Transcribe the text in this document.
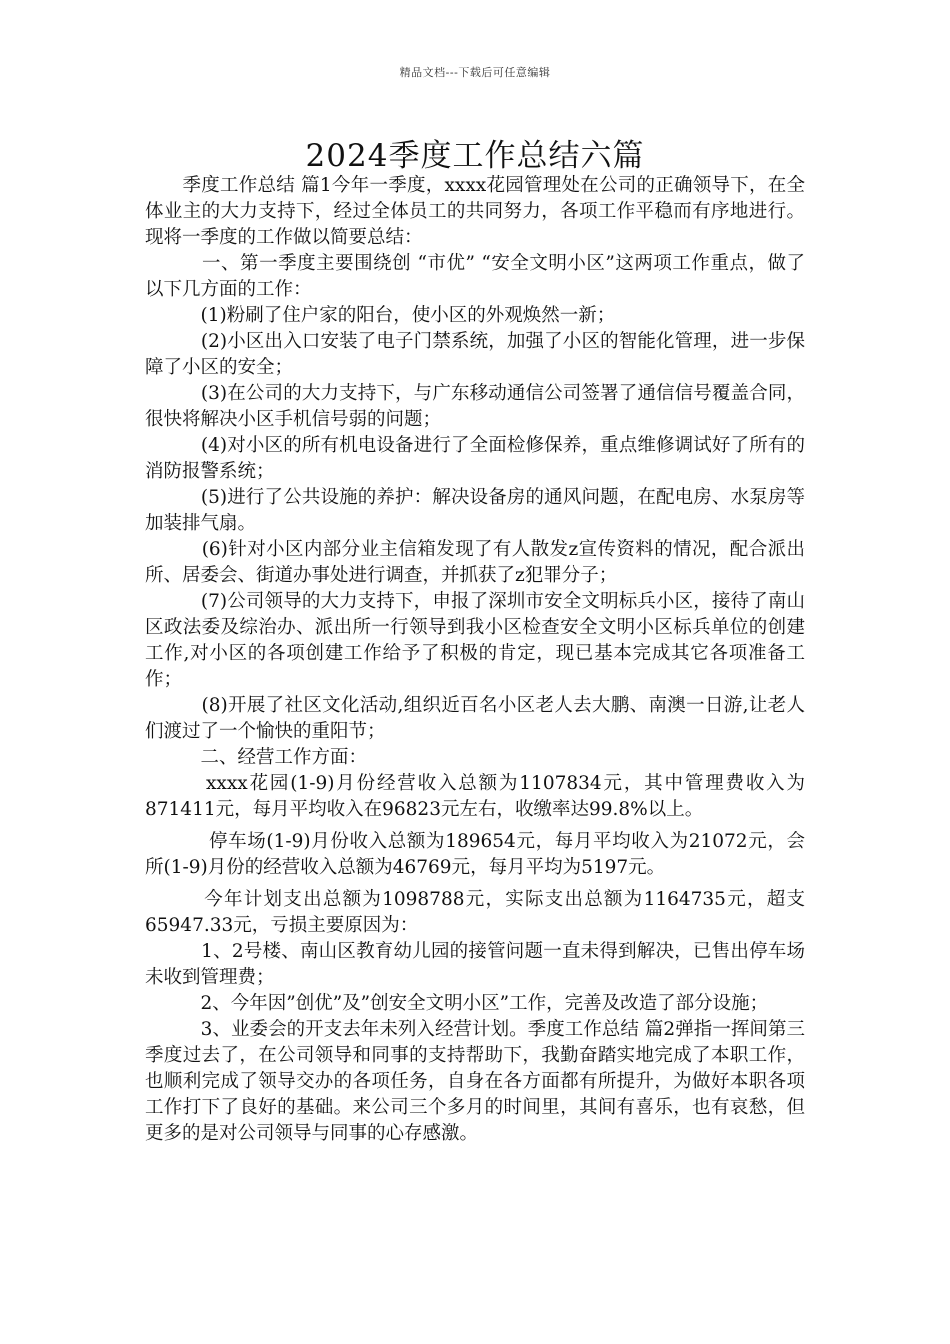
精品文档---下载后可任意编辑
2024季度工作总结六篇

　　季度工作总结 篇1今年一季度，xxxx花园管理处在公司的正确领导下，在全体业主的大力支持下，经过全体员工的共同努力，各项工作平稳而有序地进行。现将一季度的工作做以简要总结：

　　　一、第一季度主要围绕创 “市优” “安全文明小区”这两项工作重点，做了以下几方面的工作：

　　　(1)粉刷了住户家的阳台，使小区的外观焕然一新；

　　　(2)小区出入口安装了电子门禁系统，加强了小区的智能化管理，进一步保障了小区的安全；

　　　(3)在公司的大力支持下，与广东移动通信公司签署了通信信号覆盖合同，很快将解决小区手机信号弱的问题；

　　　(4)对小区的所有机电设备进行了全面检修保养，重点维修调试好了所有的消防报警系统；

　　　(5)进行了公共设施的养护：解决设备房的通风问题，在配电房、水泵房等加装排气扇。

　　　(6)针对小区内部分业主信箱发现了有人散发z宣传资料的情况，配合派出所、居委会、街道办事处进行调查，并抓获了z犯罪分子；

　　　(7)公司领导的大力支持下，申报了深圳市安全文明标兵小区，接待了南山区政法委及综治办、派出所一行领导到我小区检查安全文明小区标兵单位的创建工作,对小区的各项创建工作给予了积极的肯定，现已基本完成其它各项准备工作；

　　　(8)开展了社区文化活动,组织近百名小区老人去大鹏、南澳一日游,让老人们渡过了一个愉快的重阳节；

　　　二、经营工作方面：

　　　xxxx花园(1-9)月份经营收入总额为1107834元，其中管理费收入为871411元，每月平均收入在96823元左右，收缴率达99.8%以上。

　　　 停车场(1-9)月份收入总额为189654元，每月平均收入为21072元，会所(1-9)月份的经营收入总额为46769元，每月平均为5197元。

　　　今年计划支出总额为1098788元，实际支出总额为1164735元，超支65947.33元，亏损主要原因为：

　　　1、2号楼、南山区教育幼儿园的接管问题一直未得到解决，已售出停车场未收到管理费；

　　　2、今年因”创优”及”创安全文明小区”工作，完善及改造了部分设施；

　　　3、业委会的开支去年未列入经营计划。季度工作总结 篇2弹指一挥间第三季度过去了，在公司领导和同事的支持帮助下，我勤奋踏实地完成了本职工作，也顺利完成了领导交办的各项任务，自身在各方面都有所提升，为做好本职各项工作打下了良好的基础。来公司三个多月的时间里，其间有喜乐，也有哀愁，但更多的是对公司领导与同事的心存感激。
